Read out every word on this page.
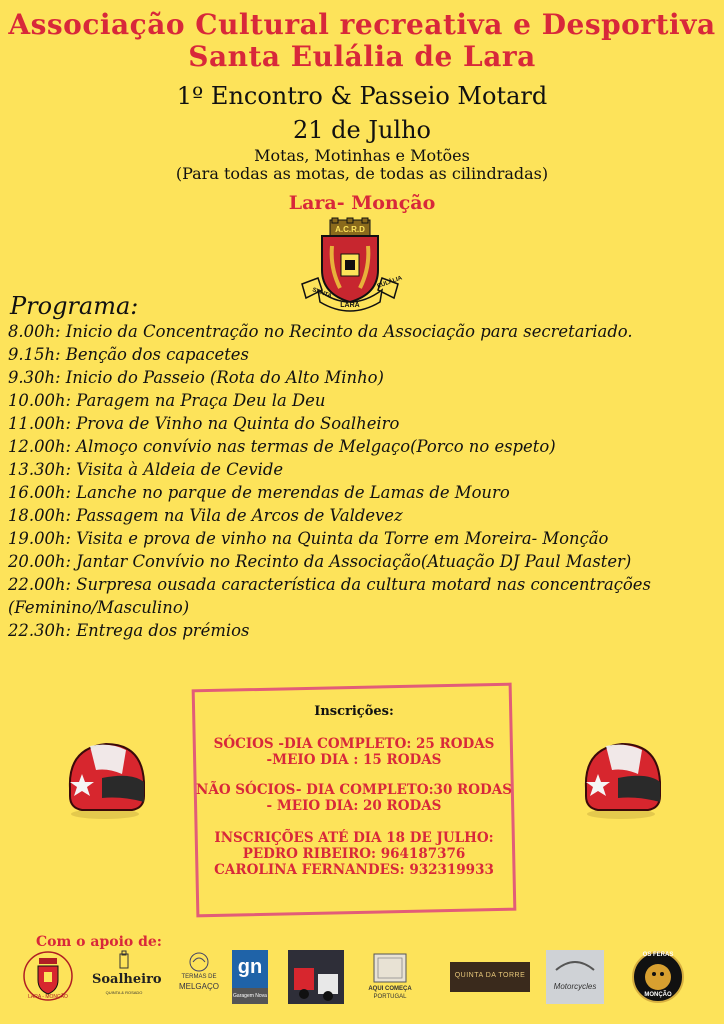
Associação Cultural recreativa e Desportiva
Santa Eulália de Lara
1º Encontro & Passeio Motard
21 de Julho
Motas, Motinhas e Motões
(Para todas as motas, de todas as cilindradas)
Lara- Monção
A.C.R.D
SANTA
LARA
EULÁLIA
Programa:
8.00h: Inicio da Concentração no Recinto da Associação para secretariado.
9.15h: Benção dos capacetes
9.30h: Inicio do Passeio (Rota do Alto Minho)
10.00h: Paragem na Praça Deu la Deu
11.00h: Prova de Vinho na Quinta do Soalheiro
12.00h: Almoço convívio nas termas de Melgaço(Porco no espeto)
13.30h: Visita à Aldeia de Cevide
16.00h: Lanche no parque de merendas de Lamas de Mouro
18.00h: Passagem na Vila de Arcos de Valdevez
19.00h: Visita e prova de vinho na Quinta da Torre em Moreira- Monção
20.00h: Jantar Convívio no Recinto da Associação(Atuação DJ Paul Master)
22.00h: Surpresa ousada característica da cultura motard nas concentrações (Feminino/Masculino)
22.30h: Entrega dos prémios
Inscrições:
SÓCIOS -DIA COMPLETO: 25 RODAS
-MEIO DIA : 15 RODAS
NÃO SÓCIOS- DIA COMPLETO:30 RODAS
- MEIO DIA: 20 RODAS
INSCRIÇÕES ATÉ DIA 18 DE JULHO:
PEDRO RIBEIRO: 964187376
CAROLINA FERNANDES: 932319933
Com o apoio de:
LARA - MONÇÃO
Soalheiro
QUINTA & ROSADO
TERMAS DE
MELGAÇO
gn
Garagem Nova
AQUI COMEÇA
PORTUGAL
QUINTA DA TORRE
Motorcycles
OS FERAS
MONÇÃO
